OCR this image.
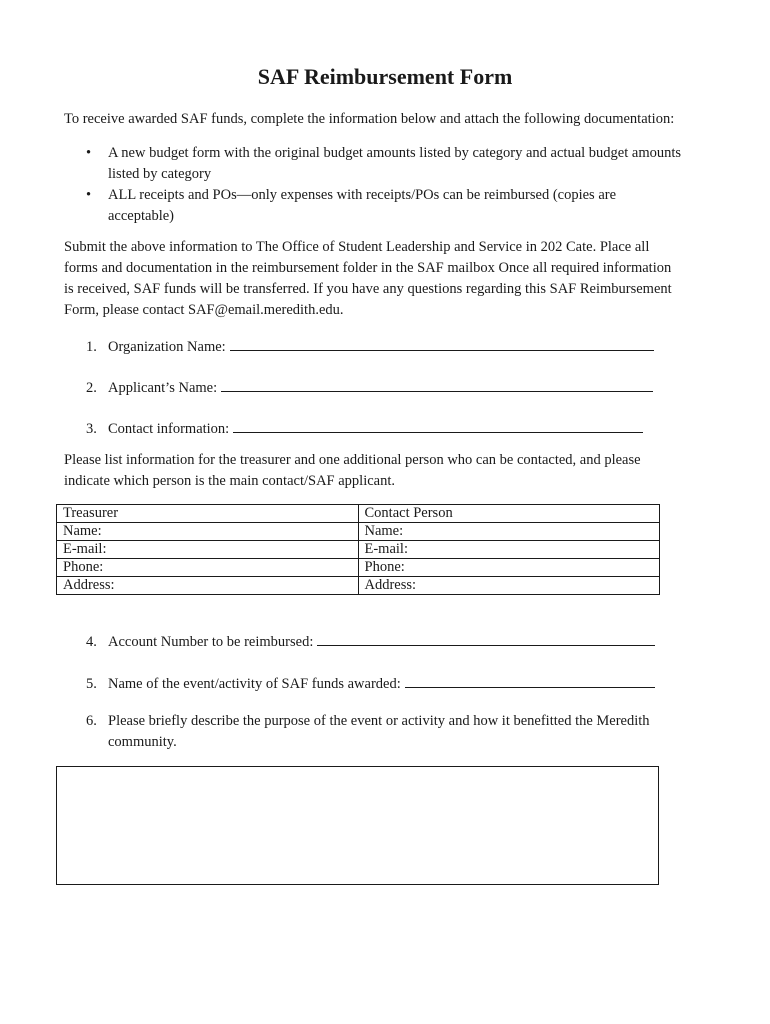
SAF Reimbursement Form
To receive awarded SAF funds, complete the information below and attach the following documentation:
• A new budget form with the original budget amounts listed by category and actual budget amounts
listed by category
• ALL receipts and POs—only expenses with receipts/POs can be reimbursed (copies are
acceptable)
Submit the above information to The Office of Student Leadership and Service in 202 Cate. Place all
forms and documentation in the reimbursement folder in the SAF mailbox Once all required information
is received, SAF funds will be transferred. If you have any questions regarding this SAF Reimbursement
Form, please contact SAF@email.meredith.edu.
1. Organization Name:
2. Applicant’s Name:
3. Contact information:
Please list information for the treasurer and one additional person who can be contacted, and please
indicate which person is the main contact/SAF applicant.
Treasurer	Contact Person
Name:	Name:
E-mail:	E-mail:
Phone:	Phone:
Address:	Address:
4. Account Number to be reimbursed:
5. Name of the event/activity of SAF funds awarded:
6. Please briefly describe the purpose of the event or activity and how it benefitted the Meredith
community.
